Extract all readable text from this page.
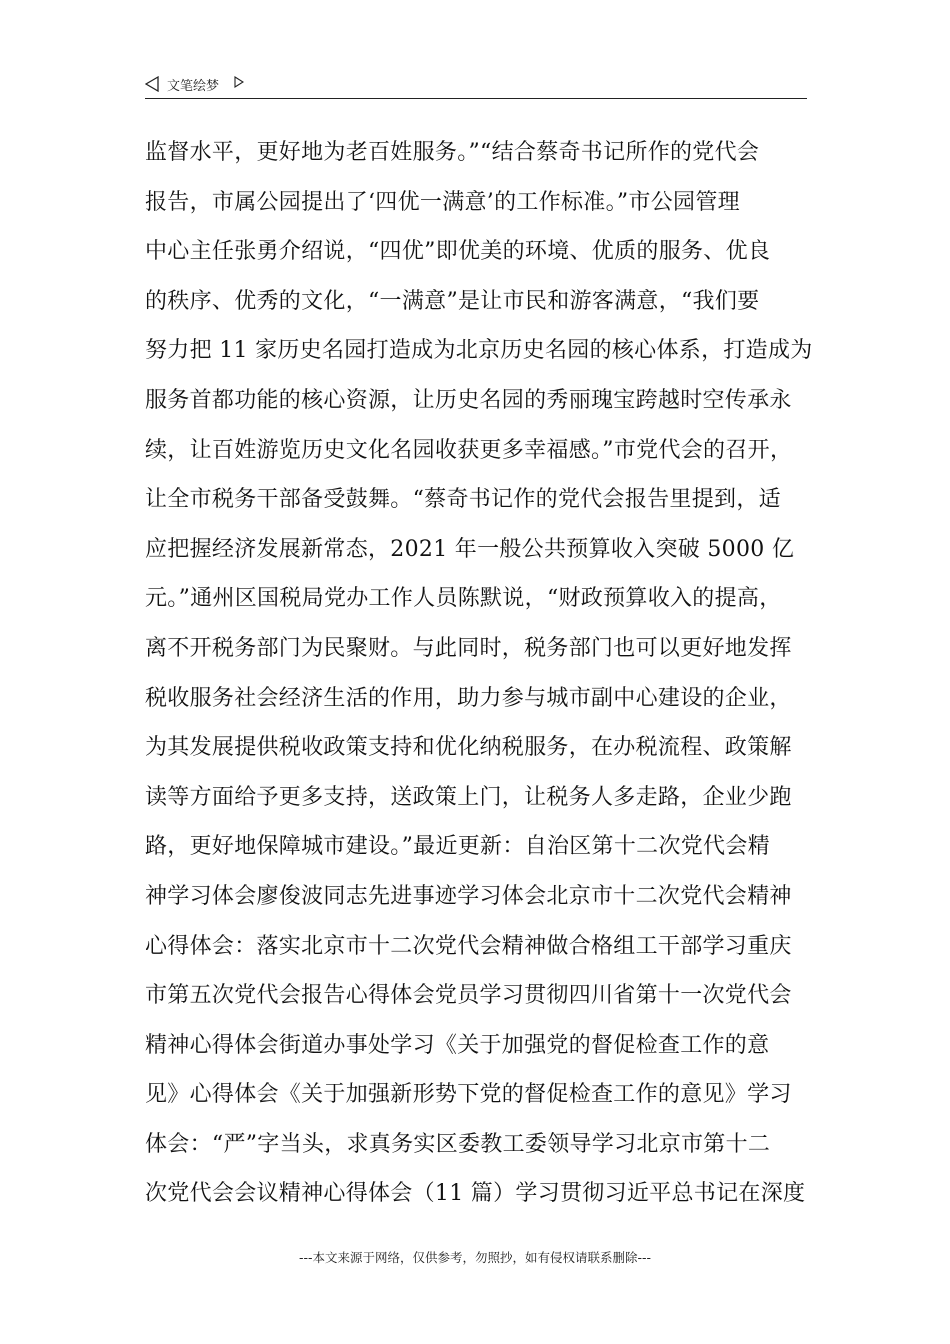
文笔绘梦
监督水平，更好地为老百姓服务。”“结合蔡奇书记所作的党代会
报告，市属公园提出了‘四优一满意’的工作标准。”市公园管理
中心主任张勇介绍说，“四优”即优美的环境、优质的服务、优良
的秩序、优秀的文化，“一满意”是让市民和游客满意，“我们要
努力把 11 家历史名园打造成为北京历史名园的核心体系，打造成为
服务首都功能的核心资源，让历史名园的秀丽瑰宝跨越时空传承永
续，让百姓游览历史文化名园收获更多幸福感。”市党代会的召开，
让全市税务干部备受鼓舞。“蔡奇书记作的党代会报告里提到，适
应把握经济发展新常态，2021 年一般公共预算收入突破 5000 亿
元。”通州区国税局党办工作人员陈默说，“财政预算收入的提高，
离不开税务部门为民聚财。与此同时，税务部门也可以更好地发挥
税收服务社会经济生活的作用，助力参与城市副中心建设的企业，
为其发展提供税收政策支持和优化纳税服务，在办税流程、政策解
读等方面给予更多支持，送政策上门，让税务人多走路，企业少跑
路，更好地保障城市建设。”最近更新：自治区第十二次党代会精
神学习体会廖俊波同志先进事迹学习体会北京市十二次党代会精神
心得体会：落实北京市十二次党代会精神做合格组工干部学习重庆
市第五次党代会报告心得体会党员学习贯彻四川省第十一次党代会
精神心得体会街道办事处学习《关于加强党的督促检查工作的意
见》心得体会《关于加强新形势下党的督促检查工作的意见》学习
体会：“严”字当头，求真务实区委教工委领导学习北京市第十二
次党代会会议精神心得体会（11 篇）学习贯彻习近平总书记在深度
---本文来源于网络，仅供参考，勿照抄，如有侵权请联系删除---
